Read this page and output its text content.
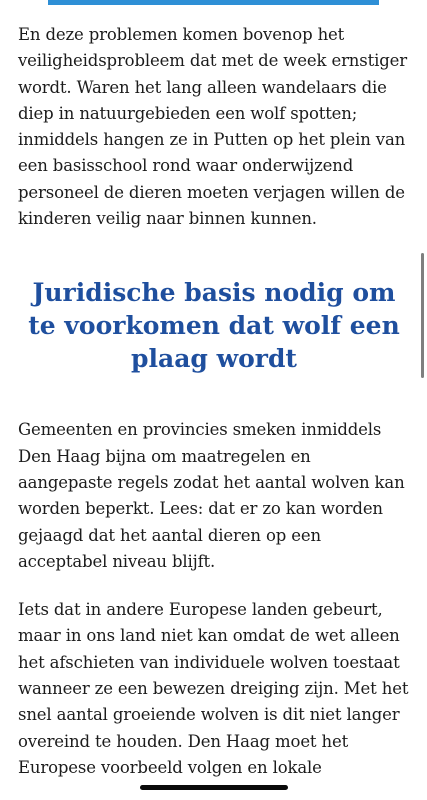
En deze problemen komen bovenop het veiligheidsprobleem dat met de week ernstiger wordt. Waren het lang alleen wandelaars die diep in natuurgebieden een wolf spotten; inmiddels hangen ze in Putten op het plein van een basisschool rond waar onderwijzend personeel de dieren moeten verjagen willen de kinderen veilig naar binnen kunnen.

Juridische basis nodig om te voorkomen dat wolf een plaag wordt

Gemeenten en provincies smeken inmiddels Den Haag bijna om maatregelen en aangepaste regels zodat het aantal wolven kan worden beperkt. Lees: dat er zo kan worden gejaagd dat het aantal dieren op een acceptabel niveau blijft.

Iets dat in andere Europese landen gebeurt, maar in ons land niet kan omdat de wet alleen het afschieten van individuele wolven toestaat wanneer ze een bewezen dreiging zijn. Met het snel aantal groeiende wolven is dit niet langer overeind te houden. Den Haag moet het Europese voorbeeld volgen en lokale
